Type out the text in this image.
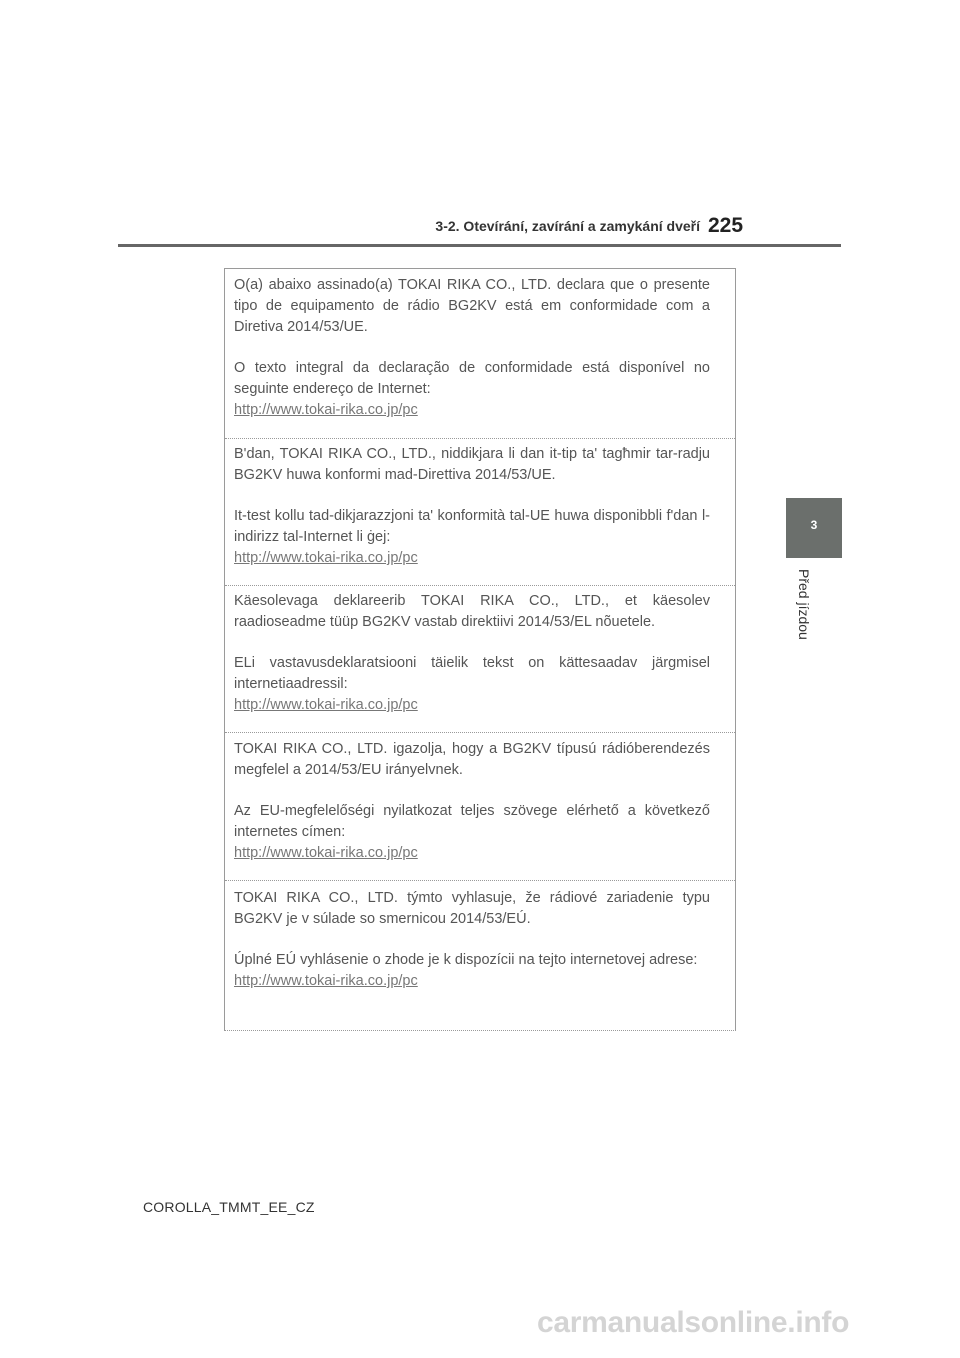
3-2. Otevírání, zavírání a zamykání dveří 225
3
Před jízdou

O(a) abaixo assinado(a) TOKAI RIKA CO., LTD. declara que o presente tipo de equipamento de rádio BG2KV está em conformidade com a Diretiva 2014/53/UE.

O texto integral da declaração de conformidade está disponível no seguinte endereço de Internet:

http://www.tokai-rika.co.jp/pc

B'dan, TOKAI RIKA CO., LTD., niddikjara li dan it-tip ta' tagħmir tar-radju BG2KV huwa konformi mad-Direttiva 2014/53/UE.

It-test kollu tad-dikjarazzjoni ta' konformità tal-UE huwa disponibbli f'dan l-indirizz tal-Internet li ġej:

http://www.tokai-rika.co.jp/pc

Käesolevaga deklareerib TOKAI RIKA CO., LTD., et käesolev raadioseadme tüüp BG2KV vastab direktiivi 2014/53/EL nõuetele.

ELi vastavusdeklaratsiooni täielik tekst on kättesaadav järgmisel internetiaadressil:

http://www.tokai-rika.co.jp/pc

TOKAI RIKA CO., LTD. igazolja, hogy a BG2KV típusú rádióberendezés megfelel a 2014/53/EU irányelvnek.

Az EU-megfelelőségi nyilatkozat teljes szövege elérhető a következő internetes címen:

http://www.tokai-rika.co.jp/pc

TOKAI RIKA CO., LTD. týmto vyhlasuje, že rádiové zariadenie typu BG2KV je v súlade so smernicou 2014/53/EÚ.

Úplné EÚ vyhlásenie o zhode je k dispozícii na tejto internetovej adrese:

http://www.tokai-rika.co.jp/pc
COROLLA_TMMT_EE_CZ
carmanualsonline.info
